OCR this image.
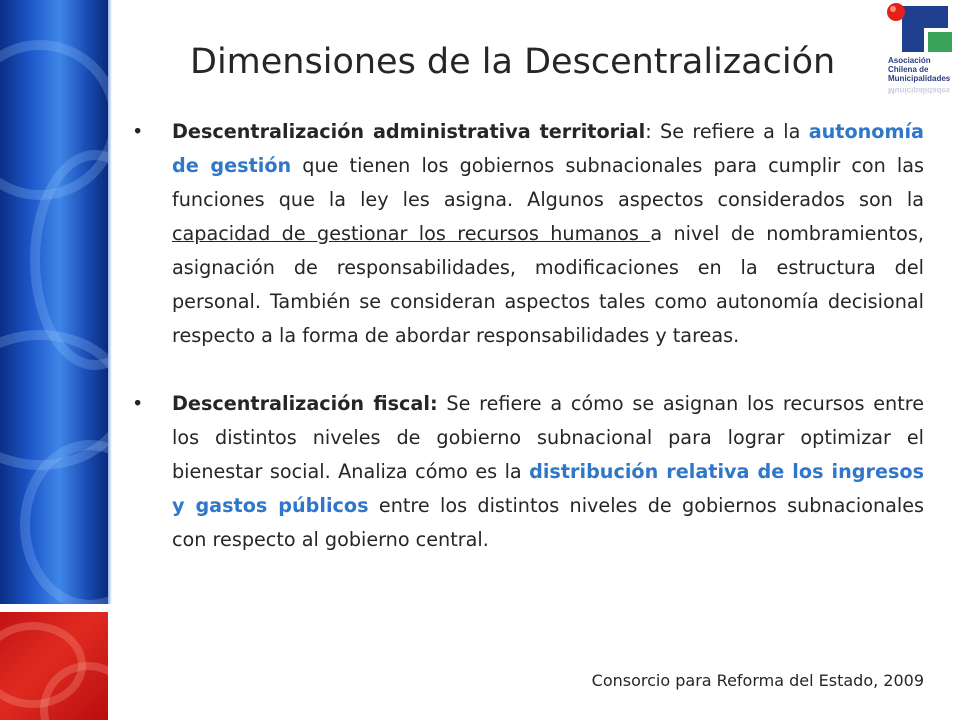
Asociación
Chilena de
Municipalidades
Municipalidades
Dimensiones de la Descentralización
• Descentralización administrativa territorial: Se refiere a la autonomía de gestión que tienen los gobiernos subnacionales para cumplir con las funciones que la ley les asigna. Algunos aspectos considerados son la capacidad de gestionar los recursos humanos a nivel de nombramientos, asignación de responsabilidades, modificaciones en la estructura del personal. También se consideran aspectos tales como autonomía decisional respecto a la forma de abordar responsabilidades y tareas.
• Descentralización fiscal: Se refiere a cómo se asignan los recursos entre los distintos niveles de gobierno subnacional para lograr optimizar el bienestar social. Analiza cómo es la distribución relativa de los ingresos y gastos públicos entre los distintos niveles de gobiernos subnacionales con respecto al gobierno central.
Consorcio para Reforma del Estado, 2009
